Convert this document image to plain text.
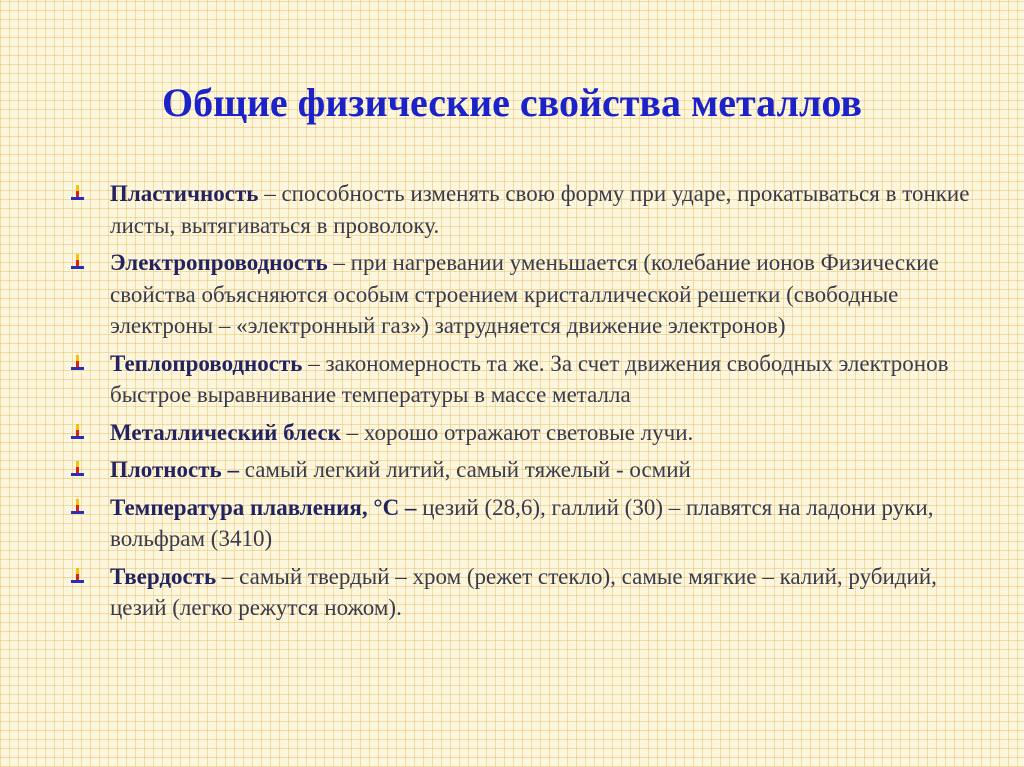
Общие физические свойства металлов
Пластичность – способность изменять свою форму при ударе, прокатываться в тонкие листы, вытягиваться в проволоку.
Электропроводность – при нагревании уменьшается (колебание ионов Физические свойства объясняются особым строением кристаллической решетки (свободные электроны – «электронный газ») затрудняется движение электронов)
Теплопроводность – закономерность та же. За счет движения свободных электронов быстрое выравнивание температуры в массе металла
Металлический блеск – хорошо отражают световые лучи.
Плотность – самый легкий литий, самый тяжелый - осмий
Температура плавления, °С – цезий (28,6), галлий (30) – плавятся на ладони руки, вольфрам (3410)
Твердость – самый твердый – хром (режет стекло), самые мягкие – калий, рубидий, цезий (легко режутся ножом).
